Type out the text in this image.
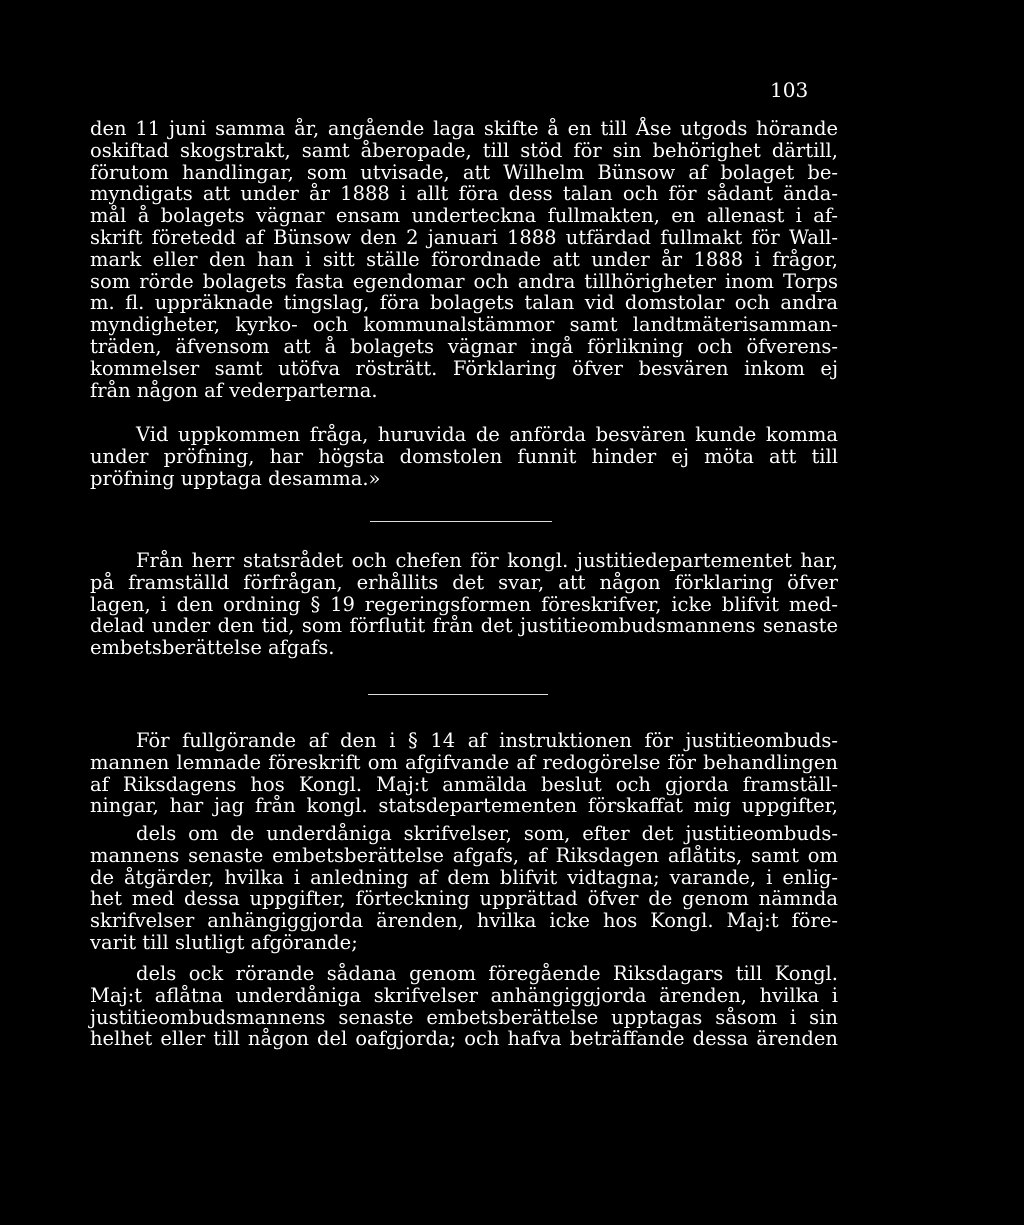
103
den 11 juni samma år, angående laga skifte å en till Åse utgods hörande
oskiftad skogstrakt, samt åberopade, till stöd för sin behörighet därtill,
förutom handlingar, som utvisade, att Wilhelm Bünsow af bolaget be-
myndigats att under år 1888 i allt föra dess talan och för sådant ända-
mål å bolagets vägnar ensam underteckna fullmakten, en allenast i af-
skrift företedd af Bünsow den 2 januari 1888 utfärdad fullmakt för Wall-
mark eller den han i sitt ställe förordnade att under år 1888 i frågor,
som rörde bolagets fasta egendomar och andra tillhörigheter inom Torps
m. fl. uppräknade tingslag, föra bolagets talan vid domstolar och andra
myndigheter, kyrko- och kommunalstämmor samt landtmäterisamman-
träden, äfvensom att å bolagets vägnar ingå förlikning och öfverens-
kommelser samt utöfva rösträtt. Förklaring öfver besvären inkom ej
från någon af vederparterna.
Vid uppkommen fråga, huruvida de anförda besvären kunde komma
under pröfning, har högsta domstolen funnit hinder ej möta att till
pröfning upptaga desamma.»
Från herr statsrådet och chefen för kongl. justitiedepartementet har,
på framställd förfrågan, erhållits det svar, att någon förklaring öfver
lagen, i den ordning § 19 regeringsformen föreskrifver, icke blifvit med-
delad under den tid, som förflutit från det justitieombudsmannens senaste
embetsberättelse afgafs.
För fullgörande af den i § 14 af instruktionen för justitieombuds-
mannen lemnade föreskrift om afgifvande af redogörelse för behandlingen
af Riksdagens hos Kongl. Maj:t anmälda beslut och gjorda framställ-
ningar, har jag från kongl. statsdepartementen förskaffat mig uppgifter,
dels om de underdåniga skrifvelser, som, efter det justitieombuds-
mannens senaste embetsberättelse afgafs, af Riksdagen aflåtits, samt om
de åtgärder, hvilka i anledning af dem blifvit vidtagna; varande, i enlig-
het med dessa uppgifter, förteckning upprättad öfver de genom nämnda
skrifvelser anhängiggjorda ärenden, hvilka icke hos Kongl. Maj:t före-
varit till slutligt afgörande;
dels ock rörande sådana genom föregående Riksdagars till Kongl.
Maj:t aflåtna underdåniga skrifvelser anhängiggjorda ärenden, hvilka i
justitieombudsmannens senaste embetsberättelse upptagas såsom i sin
helhet eller till någon del oafgjorda; och hafva beträffande dessa ärenden
